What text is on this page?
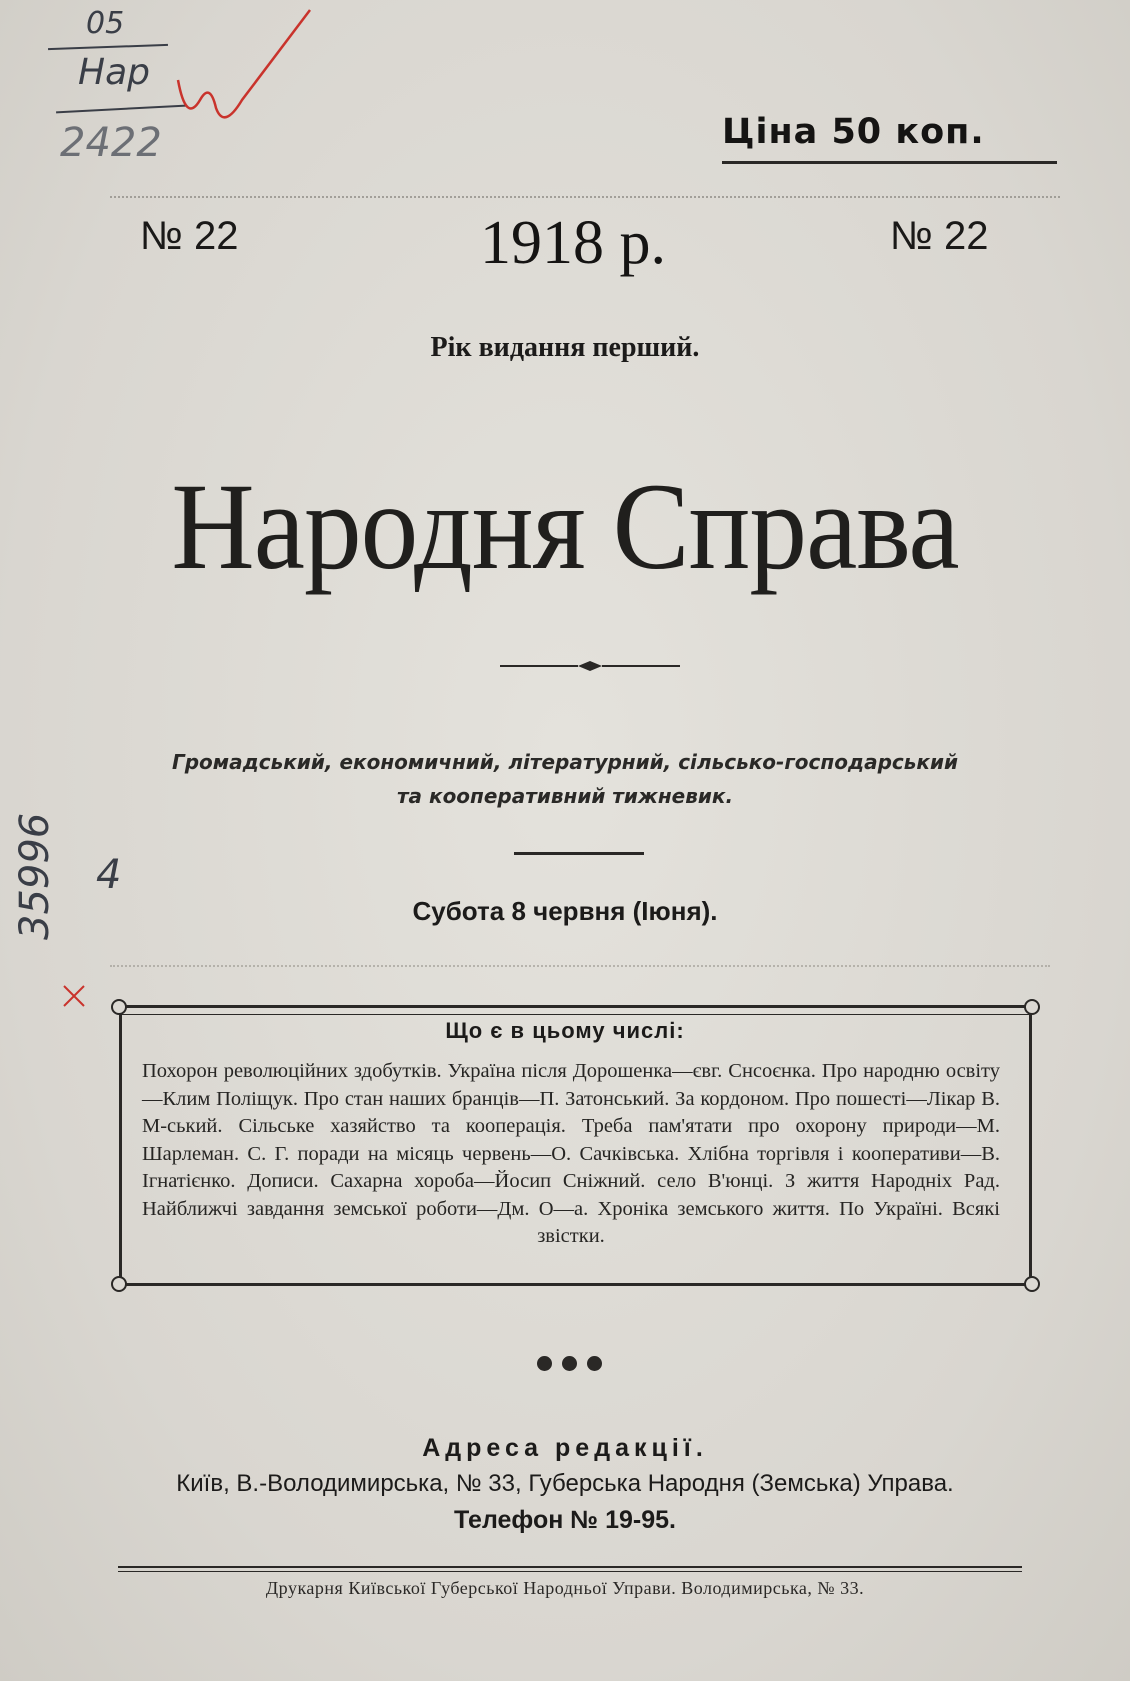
05
Нар
2422
35996 4
Ціна 50 коп.
№ 22	1918 р.	№ 22
Рік видання перший.
Народня Справа
Громадський, економичний, літературний, сільсько-господарський
та кооперативний тижневик.
Субота 8 червня (Іюня).
Що є в цьому числі:
Похорон революційних здобутків. Україна після Дорошенка—євг. Снсоєнка. Про народню освіту—Клим Поліщук. Про стан наших бранців—П. Затонський. За кордоном. Про пошесті—Лікар В. М-ський. Сільське хазяйство та кооперація. Треба пам'ятати про охорону природи—М. Шарлеман. С. Г. поради на місяць червень—О. Сачківська. Хлібна торгівля і кооперативи—В. Ігнатієнко. Дописи. Сахарна хороба—Йосип Сніжний. село В'юнці. З життя Народніх Рад. Найближчі завдання земської роботи—Дм. О—а. Хроніка земського життя. По Україні. Всякі звістки.
Адреса редакції.
Київ, В.-Володимирська, № 33, Губерська Народня (Земська) Управа.
Телефон № 19-95.
Друкарня Київської Губерської Народньої Управи. Володимирська, № 33.
